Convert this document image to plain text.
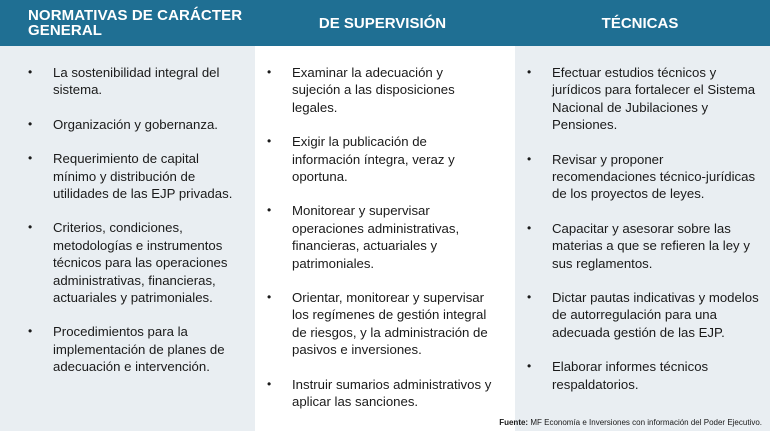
NORMATIVAS DE CARÁCTER GENERAL	DE SUPERVISIÓN	TÉCNICAS
• La sostenibilidad integral del sistema.
• Organización y gobernanza.
• Requerimiento de capital mínimo y distribución de utilidades de las EJP privadas.
• Criterios, condiciones, metodologías e instrumentos técnicos para las operaciones administrativas, financieras, actuariales y patrimoniales.
• Procedimientos para la implementación de planes de adecuación e intervención.
• Examinar la adecuación y sujeción a las disposiciones legales.
• Exigir la publicación de información íntegra, veraz y oportuna.
• Monitorear y supervisar operaciones administrativas, financieras, actuariales y patrimoniales.
• Orientar, monitorear y supervisar los regímenes de gestión integral de riesgos, y la administración de pasivos e inversiones.
• Instruir sumarios administrativos y aplicar las sanciones.
• Efectuar estudios técnicos y jurídicos para fortalecer el Sistema Nacional de Jubilaciones y Pensiones.
• Revisar y proponer recomendaciones técnico-jurídicas de los proyectos de leyes.
• Capacitar y asesorar sobre las materias a que se refieren la ley y sus reglamentos.
• Dictar pautas indicativas y modelos de autorregulación para una adecuada gestión de las EJP.
• Elaborar informes técnicos respaldatorios.
Fuente: MF Economía e Inversiones con información del Poder Ejecutivo.
